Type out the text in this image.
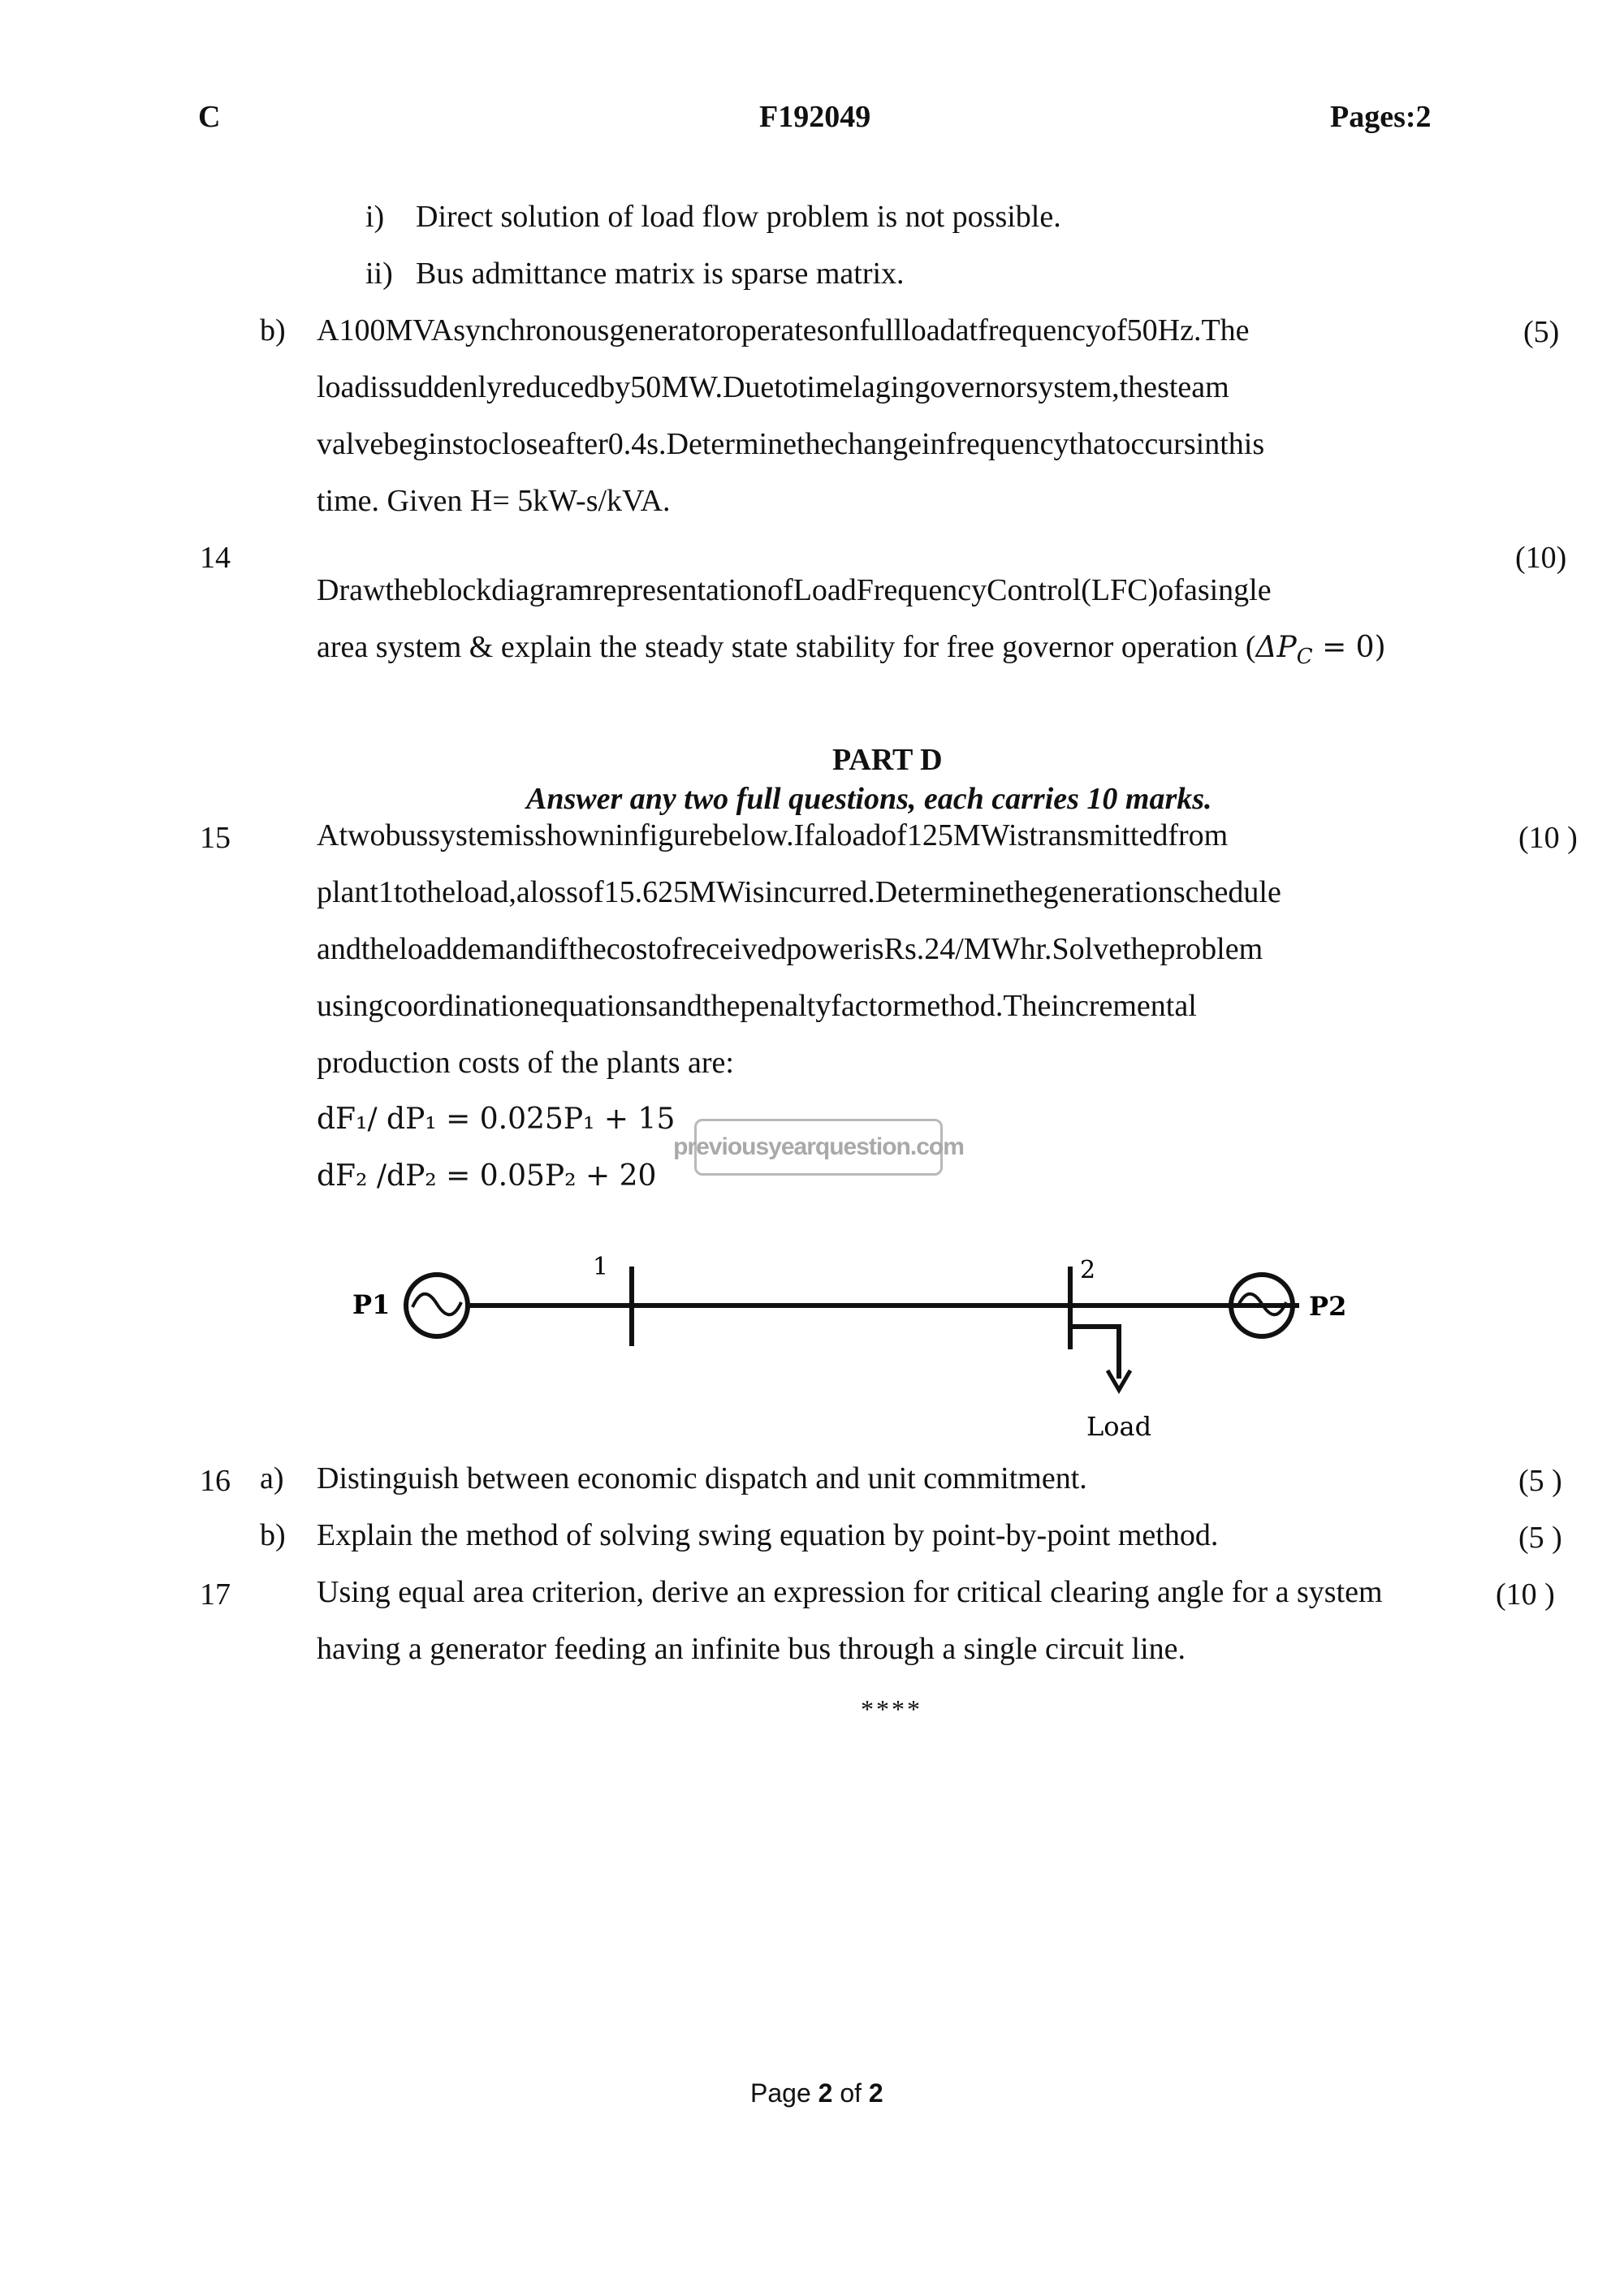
C	F192049	Pages:2
i) Direct solution of load flow problem is not possible.
ii) Bus admittance matrix is sparse matrix.
b) A100MVAsynchronousgeneratoroperatesonfullloadatfrequencyof50Hz.The
loadissuddenlyreducedby50MW.Duetotimelagingovernorsystem,thesteam
valvebeginstocloseafter0.4s.Determinethechangeinfrequencythatoccursinthis
time. Given H= 5kW-s/kVA.
(5)
14	(10)
DrawtheblockdiagramrepresentationofLoadFrequencyControl(LFC)ofasingle
area system & explain the steady state stability for free governor operation $(\Delta P_C = 0)$
PART D
Answer any two full questions, each carries 10 marks.
15	(10 )
Atwobussystemisshowninfigurebelow.Ifaloadof125MWistransmittedfrom
plant1totheload,alossof15.625MWisincurred.Determinethegenerationschedule
andtheloaddemandifthecostofreceivedpowerisRs.24/MWhr.Solvetheproblem
usingcoordinationequationsandthepenaltyfactormethod.Theincremental
production costs of the plants are:
dF₁/ dP₁ = 0.025P₁ + 15
dF₂ /dP₂ = 0.05P₂ + 20
previousyearquestion.com
P1
1	2
Load
P2
16 a) Distinguish between economic dispatch and unit commitment.	(5 )
b) Explain the method of solving swing equation by point-by-point method.	(5 )
17	Using equal area criterion, derive an expression for critical clearing angle for a system
having a generator feeding an infinite bus through a single circuit line.
(10 )
****
Page 2 of 2
